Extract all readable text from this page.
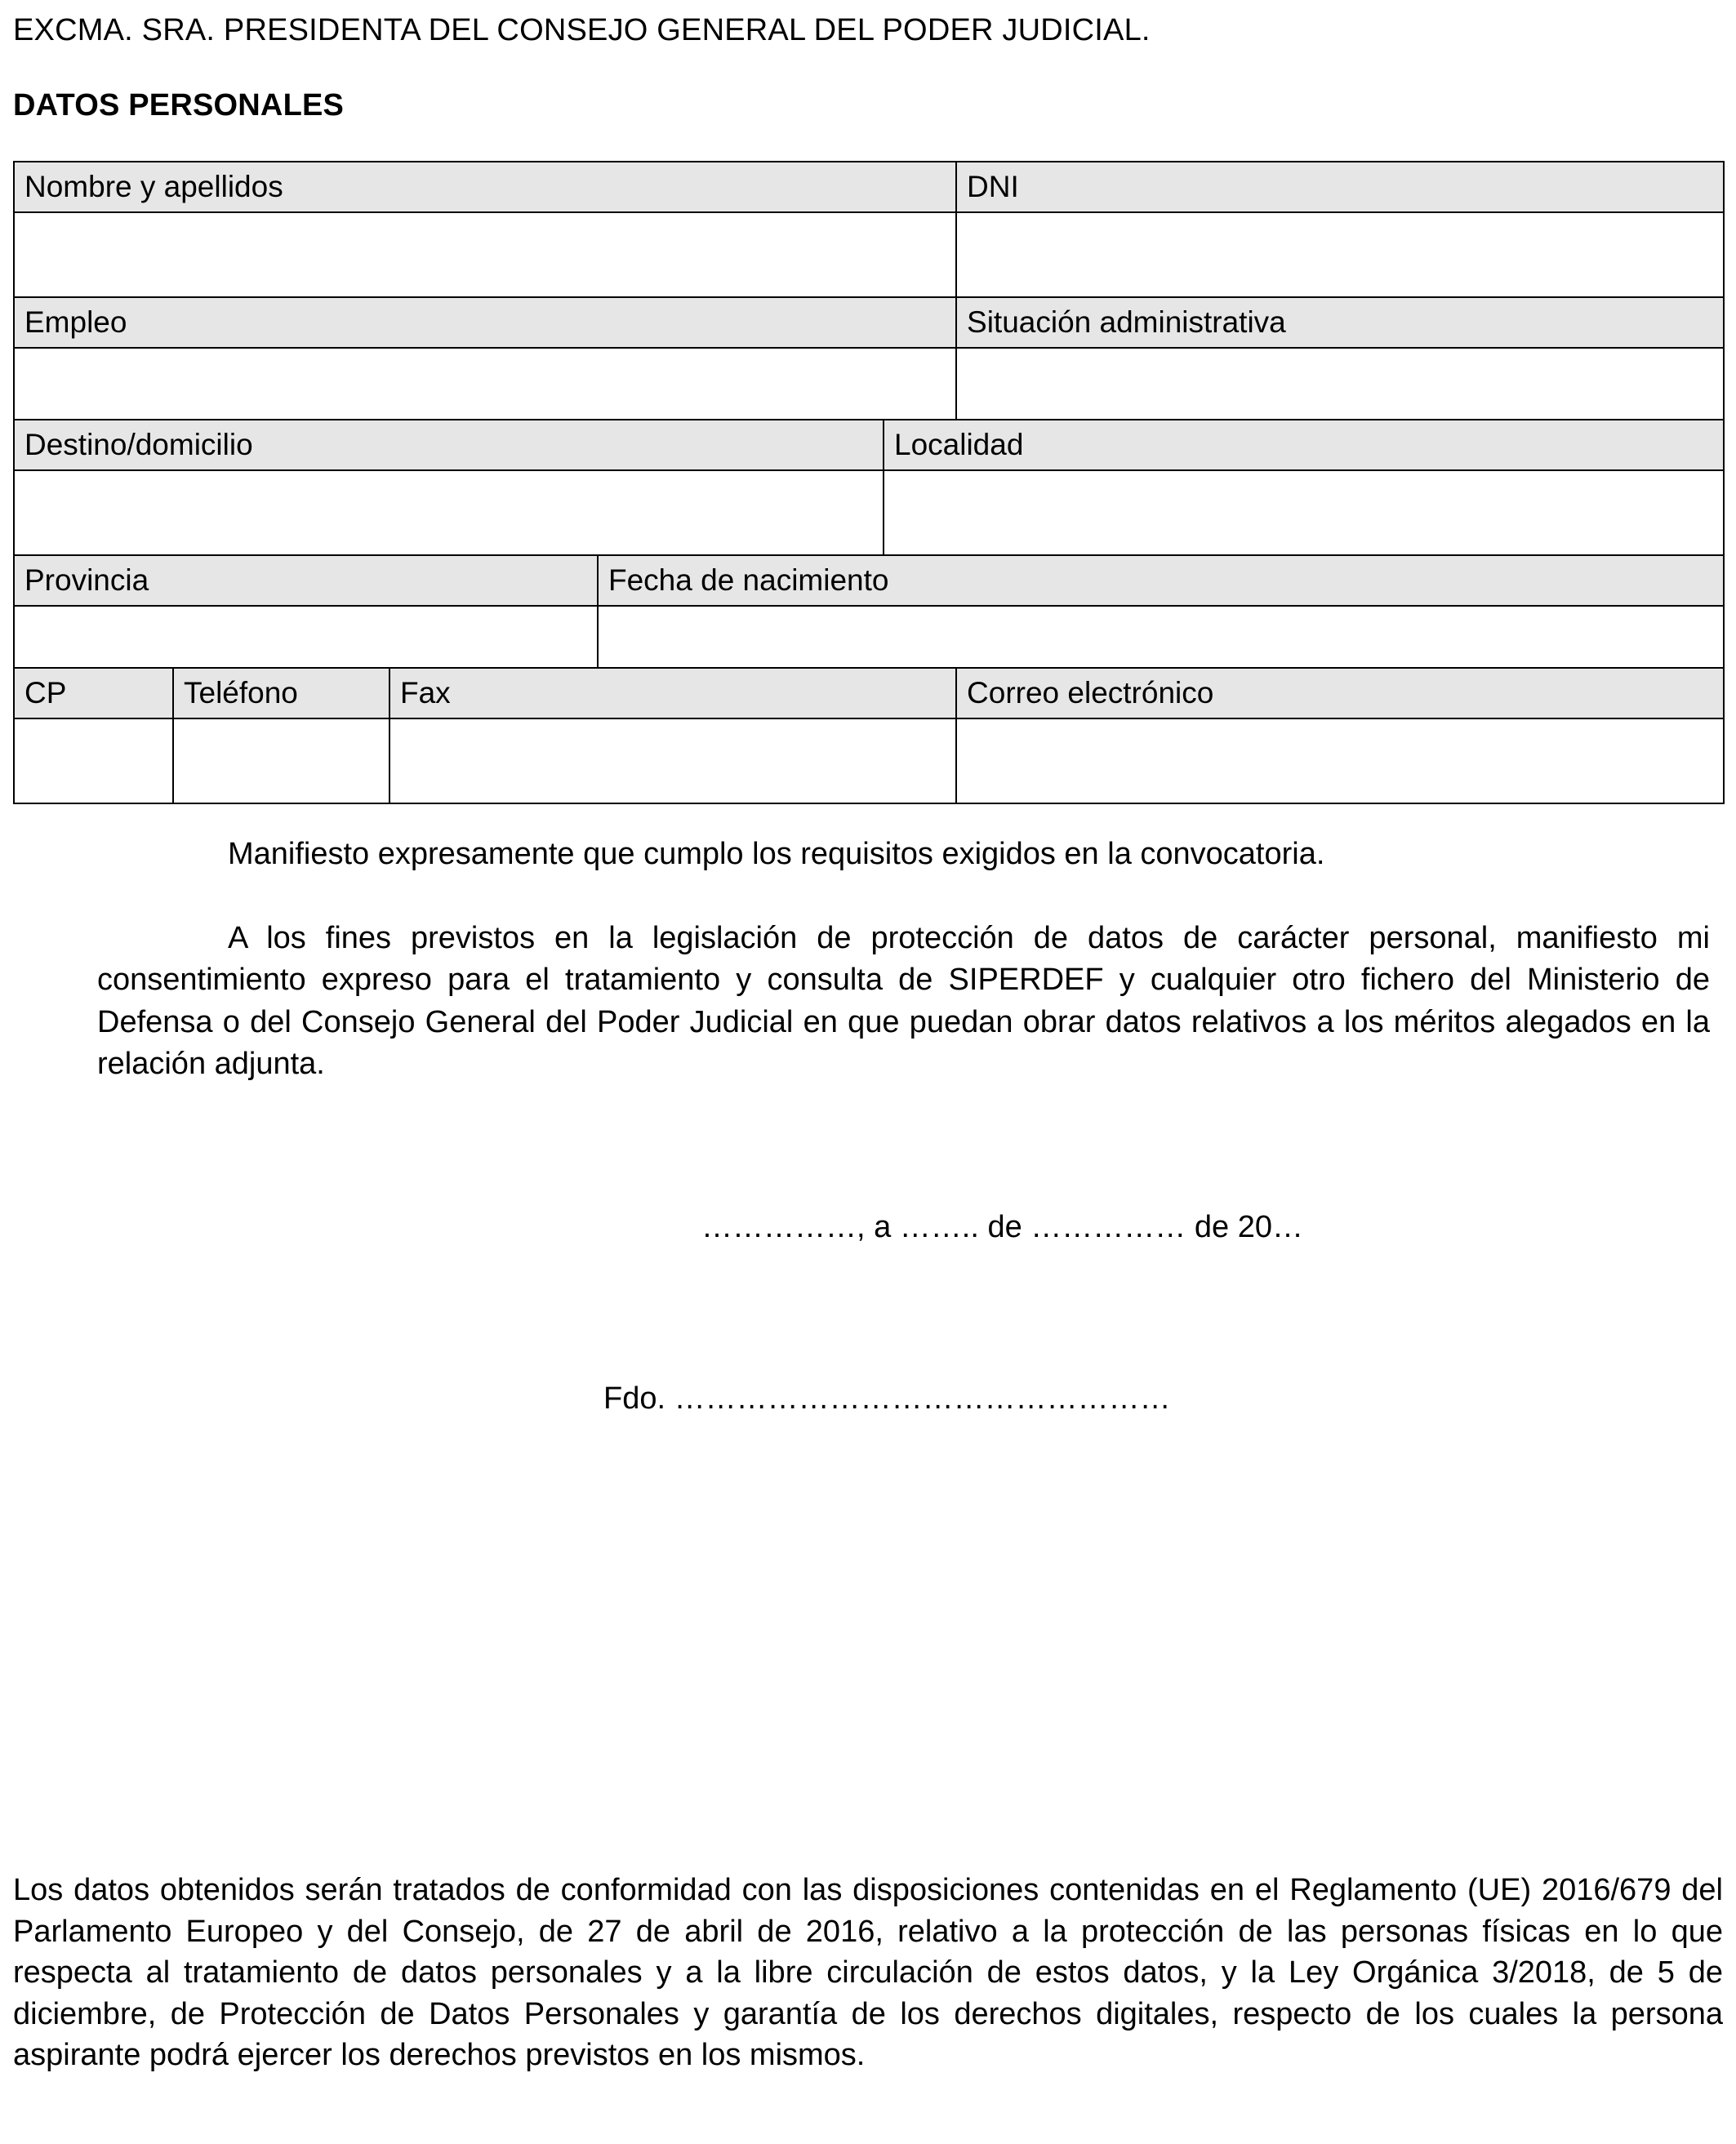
EXCMA. SRA. PRESIDENTA DEL CONSEJO GENERAL DEL PODER JUDICIAL.
DATOS PERSONALES
Nombre y apellidos					DNI

Empleo					Situación administrativa

Destino/domicilio				Localidad	

Provincia			Fecha de nacimiento		

CP	Teléfono	Fax			Correo electrónico

Manifiesto expresamente que cumplo los requisitos exigidos en la convocatoria.

A los fines previstos en la legislación de protección de datos de carácter personal, manifiesto mi consentimiento expreso para el tratamiento y consulta de SIPERDEF y cualquier otro fichero del Ministerio de Defensa o del Consejo General del Poder Judicial en que puedan obrar datos relativos a los méritos alegados en la relación adjunta.

……………, a …….. de …………… de 20…
Fdo. …………………………………………

Los datos obtenidos serán tratados de conformidad con las disposiciones contenidas en el Reglamento (UE) 2016/679 del Parlamento Europeo y del Consejo, de 27 de abril de 2016, relativo a la protección de las personas físicas en lo que respecta al tratamiento de datos personales y a la libre circulación de estos datos, y la Ley Orgánica 3/2018, de 5 de diciembre, de Protección de Datos Personales y garantía de los derechos digitales, respecto de los cuales la persona aspirante podrá ejercer los derechos previstos en los mismos.
